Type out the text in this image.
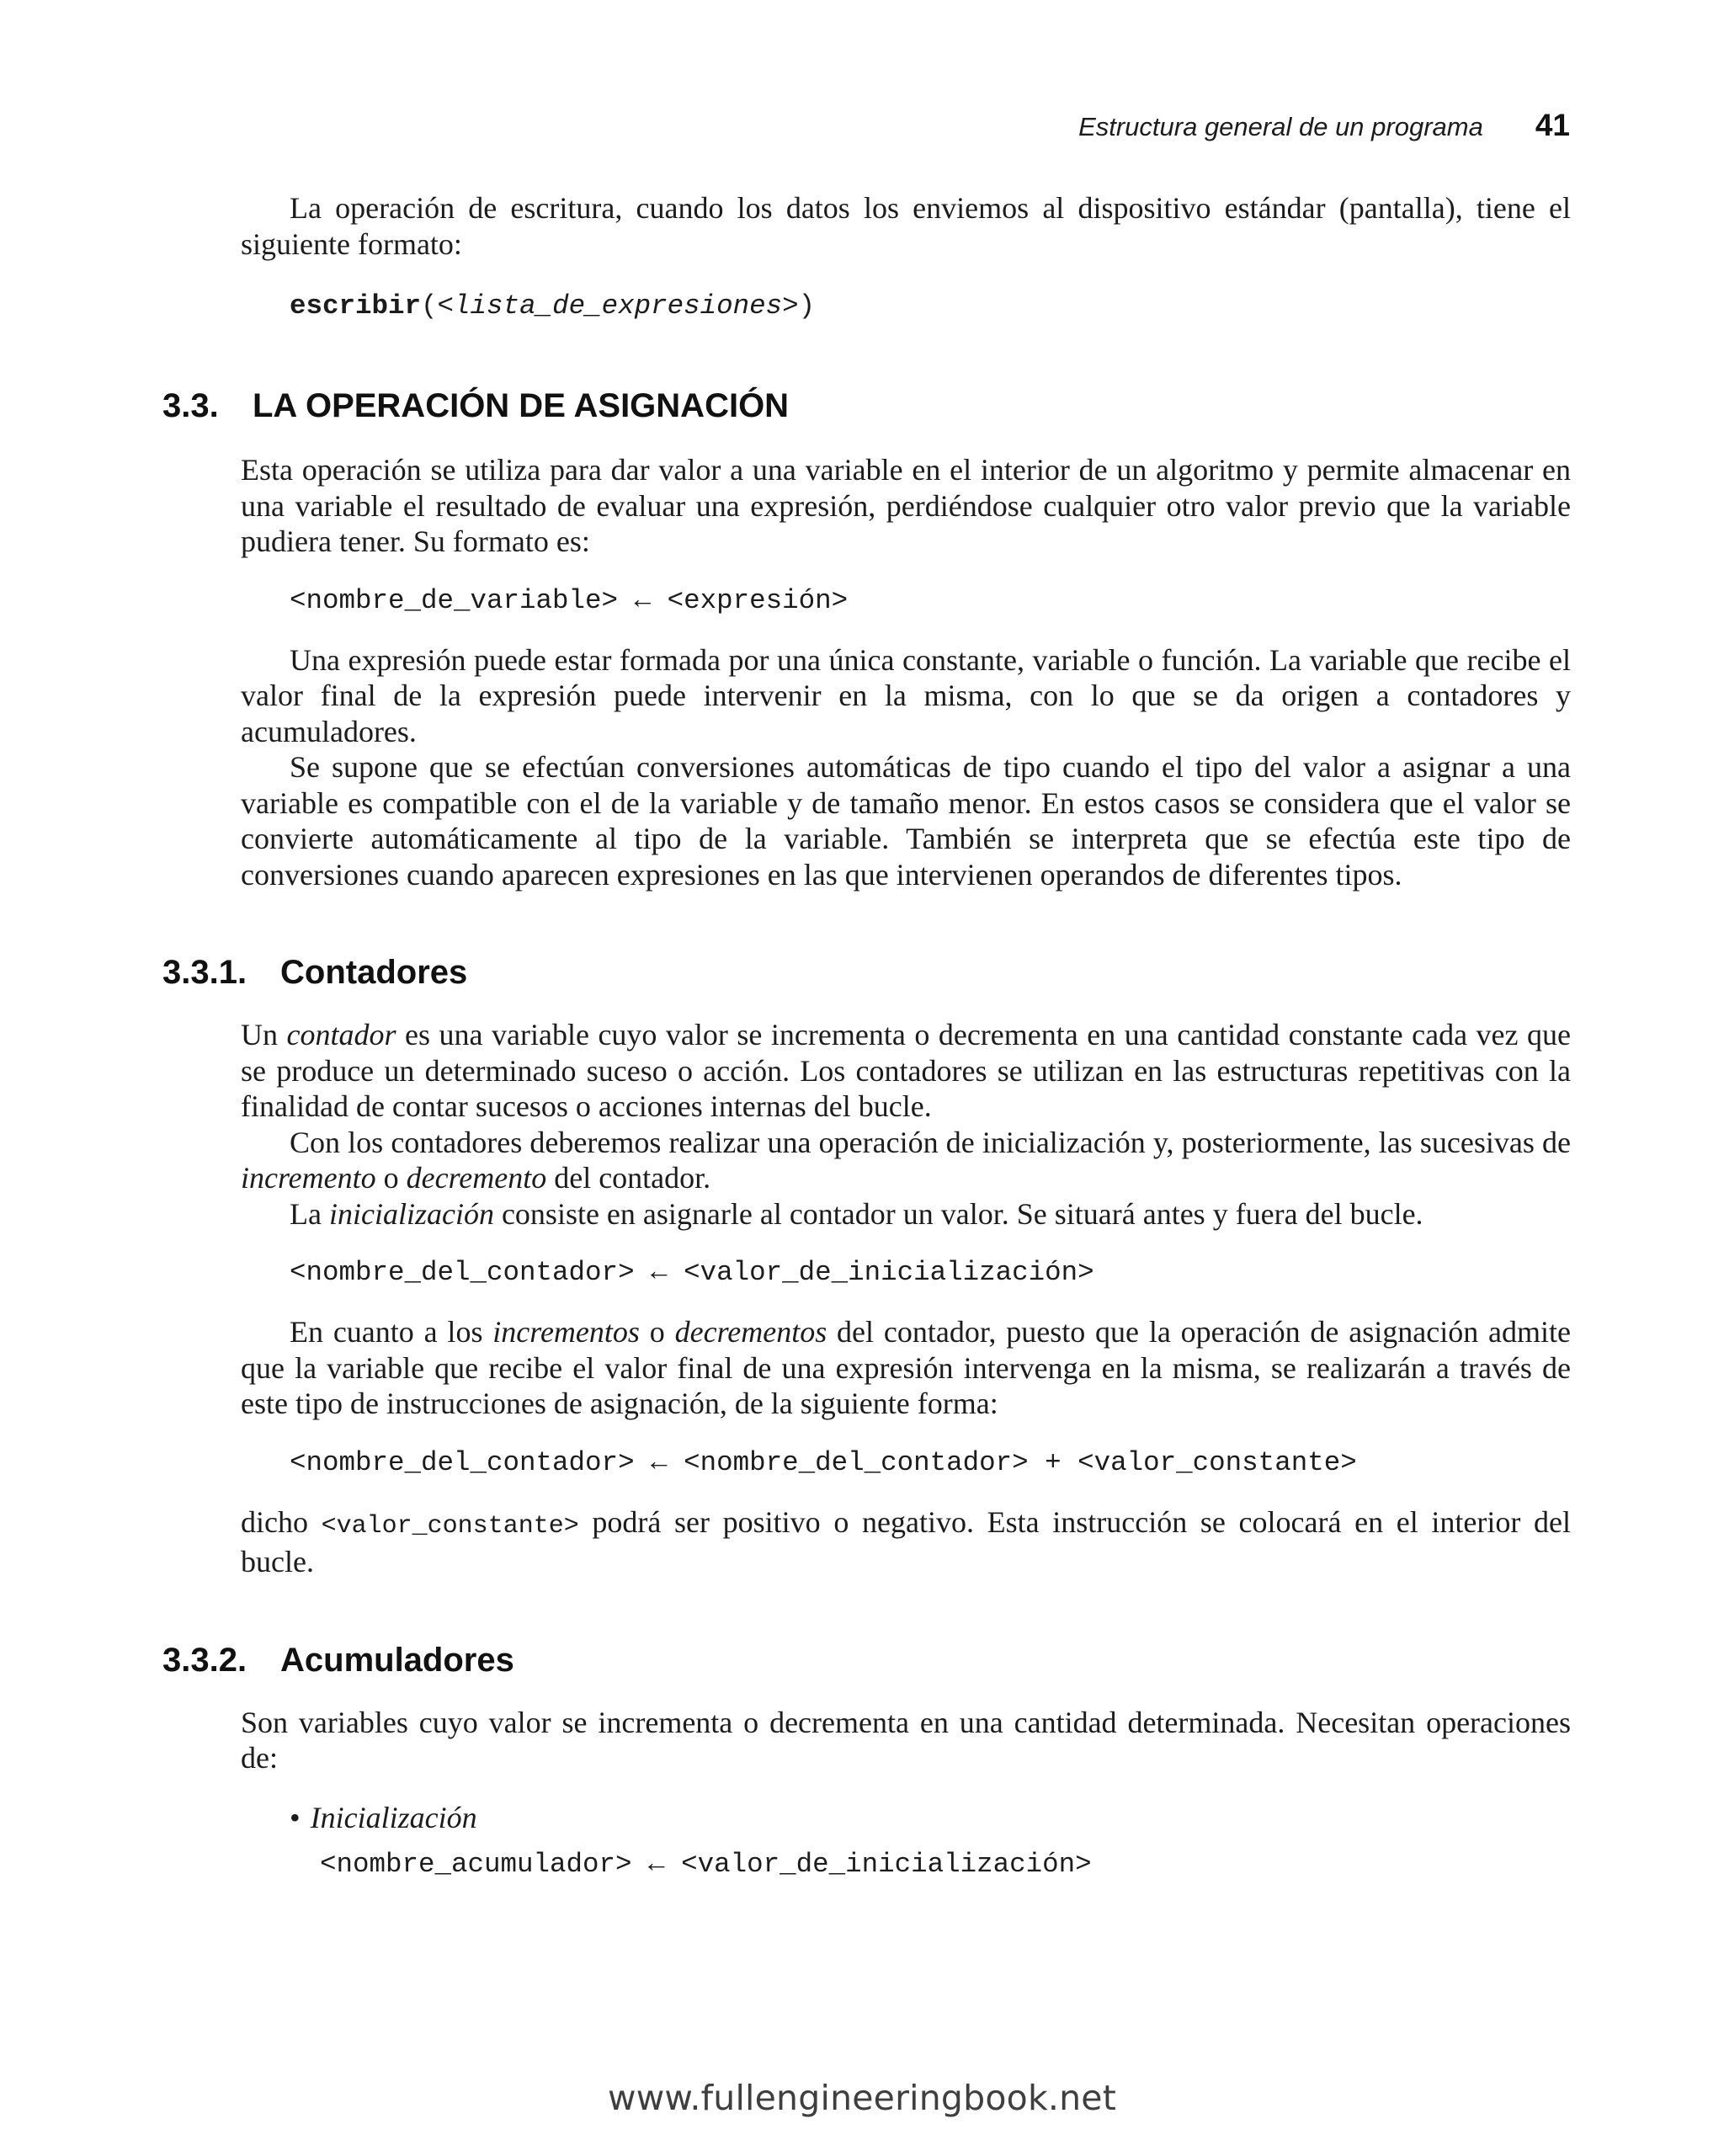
Estructura general de un programa 41

La operación de escritura, cuando los datos los enviemos al dispositivo estándar (pantalla), tiene el siguiente formato:

escribir(<lista_de_expresiones>)
3.3. LA OPERACIÓN DE ASIGNACIÓN

Esta operación se utiliza para dar valor a una variable en el interior de un algoritmo y permite almacenar en una variable el resultado de evaluar una expresión, perdiéndose cualquier otro valor previo que la variable pudiera tener. Su formato es:

<nombre_de_variable> ← <expresión>

Una expresión puede estar formada por una única constante, variable o función. La variable que recibe el valor final de la expresión puede intervenir en la misma, con lo que se da origen a contadores y acumuladores.

Se supone que se efectúan conversiones automáticas de tipo cuando el tipo del valor a asignar a una variable es compatible con el de la variable y de tamaño menor. En estos casos se considera que el valor se convierte automáticamente al tipo de la variable. También se interpreta que se efectúa este tipo de conversiones cuando aparecen expresiones en las que intervienen operandos de diferentes tipos.

3.3.1. Contadores

Un contador es una variable cuyo valor se incrementa o decrementa en una cantidad constante cada vez que se produce un determinado suceso o acción. Los contadores se utilizan en las estructuras repetitivas con la finalidad de contar sucesos o acciones internas del bucle.

Con los contadores deberemos realizar una operación de inicialización y, posteriormente, las sucesivas de incremento o decremento del contador.

La inicialización consiste en asignarle al contador un valor. Se situará antes y fuera del bucle.

<nombre_del_contador> ← <valor_de_inicialización>

En cuanto a los incrementos o decrementos del contador, puesto que la operación de asignación admite que la variable que recibe el valor final de una expresión intervenga en la misma, se realizarán a través de este tipo de instrucciones de asignación, de la siguiente forma:

<nombre_del_contador> ← <nombre_del_contador> + <valor_constante>

dicho <valor_constante> podrá ser positivo o negativo. Esta instrucción se colocará en el interior del bucle.

3.3.2. Acumuladores

Son variables cuyo valor se incrementa o decrementa en una cantidad determinada. Necesitan operaciones de:

• Inicialización
<nombre_acumulador> ← <valor_de_inicialización>
www.fullengineeringbook.net
